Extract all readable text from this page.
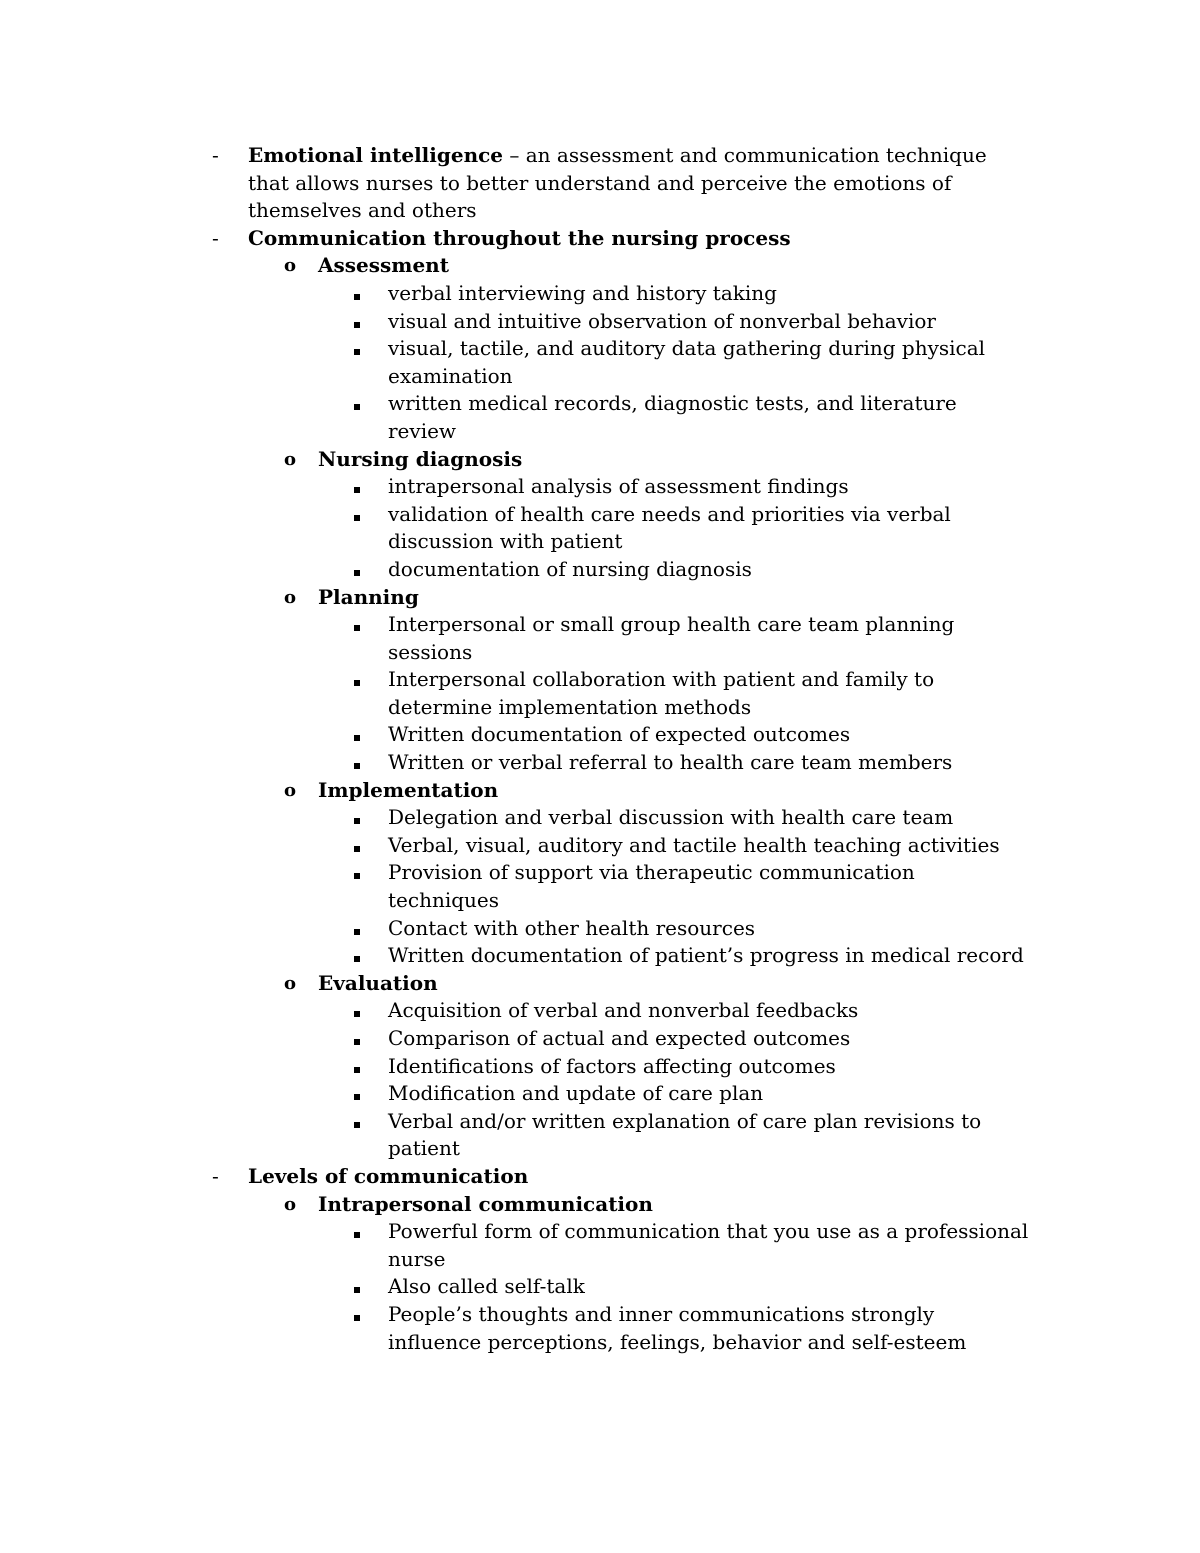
- Emotional intelligence – an assessment and communication technique that allows nurses to better understand and perceive the emotions of themselves and others
- Communication throughout the nursing process
o Assessment
verbal interviewing and history taking
visual and intuitive observation of nonverbal behavior
visual, tactile, and auditory data gathering during physical examination
written medical records, diagnostic tests, and literature review
o Nursing diagnosis
intrapersonal analysis of assessment findings
validation of health care needs and priorities via verbal discussion with patient
documentation of nursing diagnosis
o Planning
Interpersonal or small group health care team planning sessions
Interpersonal collaboration with patient and family to determine implementation methods
Written documentation of expected outcomes
Written or verbal referral to health care team members
o Implementation
Delegation and verbal discussion with health care team
Verbal, visual, auditory and tactile health teaching activities
Provision of support via therapeutic communication techniques
Contact with other health resources
Written documentation of patient’s progress in medical record
o Evaluation
Acquisition of verbal and nonverbal feedbacks
Comparison of actual and expected outcomes
Identifications of factors affecting outcomes
Modification and update of care plan
Verbal and/or written explanation of care plan revisions to patient
- Levels of communication
o Intrapersonal communication
Powerful form of communication that you use as a professional nurse
Also called self-talk
People’s thoughts and inner communications strongly influence perceptions, feelings, behavior and self-esteem
